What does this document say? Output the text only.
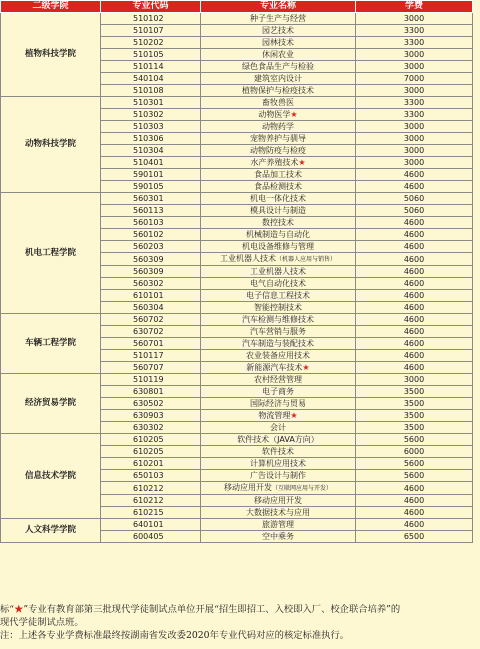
二级学院	专业代码	专业名称	学费
植物科技学院	510102	种子生产与经营	3000
	510107	园艺技术	3300
	510202	园林技术	3300
	510105	休闲农业	3000
	510114	绿色食品生产与检验	3000
	540104	建筑室内设计	7000
	510108	植物保护与检疫技术	3000
动物科技学院	510301	畜牧兽医	3300
	510302	动物医学★	3300
	510303	动物药学	3000
	510306	宠物养护与驯导	3000
	510304	动物防疫与检疫	3000
	510401	水产养殖技术★	3000
	590101	食品加工技术	4600
	590105	食品检测技术	4600
机电工程学院	560301	机电一体化技术	5060
	560113	模具设计与制造	5060
	560103	数控技术	4600
	560102	机械制造与自动化	4600
	560203	机电设备维修与管理	4600
	560309	工业机器人技术（机器人应用与销售）	4600
	560309	工业机器人技术	4600
	560302	电气自动化技术	4600
	610101	电子信息工程技术	4600
	560304	智能控制技术	4600
车辆工程学院	560702	汽车检测与维修技术	4600
	630702	汽车营销与服务	4600
	560701	汽车制造与装配技术	4600
	510117	农业装备应用技术	4600
	560707	新能源汽车技术★	4600
经济贸易学院	510119	农村经营管理	3000
	630801	电子商务	3500
	630502	国际经济与贸易	3500
	630903	物流管理★	3500
	630302	会计	3500
信息技术学院	610205	软件技术（JAVA方向）	5600
	610205	软件技术	6000
	610201	计算机应用技术	5600
	650103	广告设计与制作	5600
	610212	移动应用开发（互联网应用与开发）	4600
	610212	移动应用开发	4600
	610215	大数据技术与应用	4600
人文科学学院	640101	旅游管理	4600
	600405	空中乘务	6500

标“★”专业有教育部第三批现代学徒制试点单位开展“招生即招工、入校即入厂、校企联合培养”的

现代学徒制试点班。

注：上述各专业学费标准最终按湖南省发改委2020年专业代码对应的核定标准执行。
